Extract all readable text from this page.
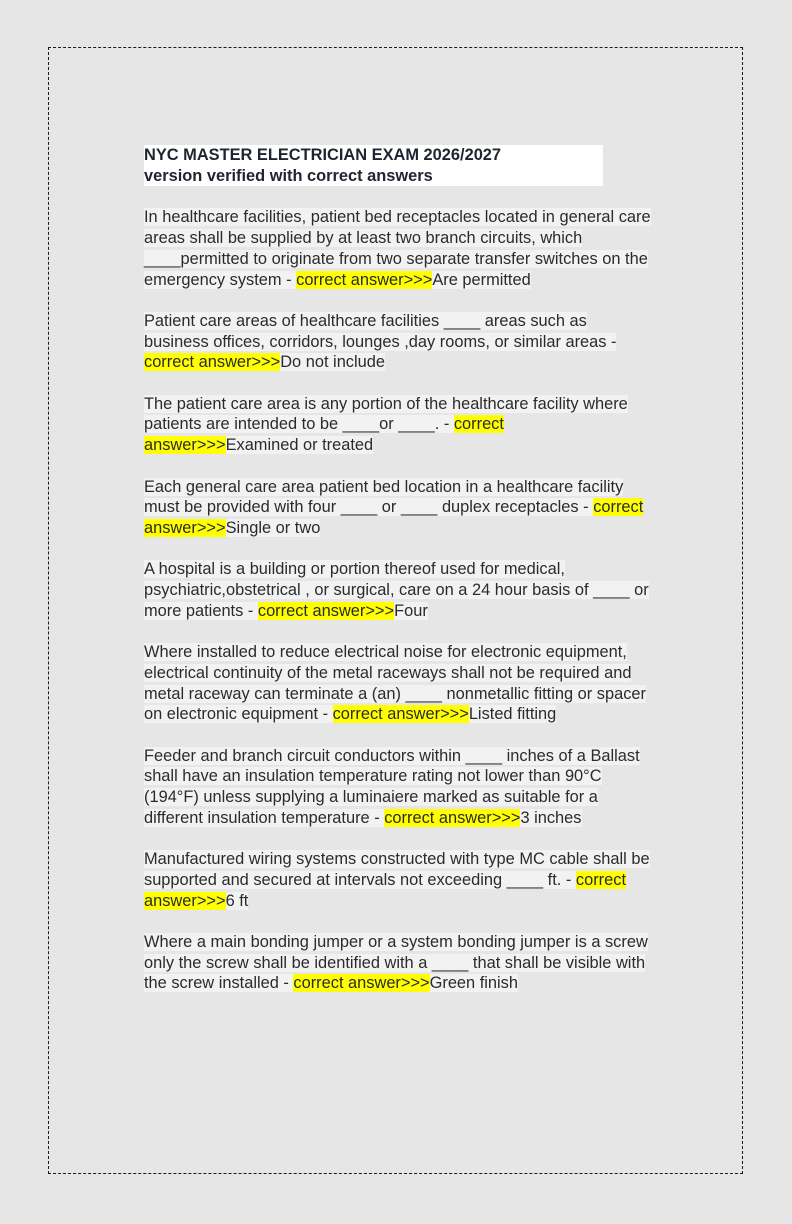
NYC MASTER ELECTRICIAN EXAM 2026/2027
version verified with correct answers
In healthcare facilities, patient bed receptacles located in general care areas shall be supplied by at least two branch circuits, which ____permitted to originate from two separate transfer switches on the emergency system - correct answer>>>Are permitted
Patient care areas of healthcare facilities ____ areas such as business offices, corridors, lounges ,day rooms, or similar areas - correct answer>>>Do not include
The patient care area is any portion of the healthcare facility where patients are intended to be ____or ____. - correct answer>>>Examined or treated
Each general care area patient bed location in a healthcare facility must be provided with four ____ or ____ duplex receptacles - correct answer>>>Single or two
A hospital is a building or portion thereof used for medical, psychiatric,obstetrical , or surgical, care on a 24 hour basis of ____ or more patients - correct answer>>>Four
Where installed to reduce electrical noise for electronic equipment, electrical continuity of the metal raceways shall not be required and metal raceway can terminate a (an) ____ nonmetallic fitting or spacer on electronic equipment - correct answer>>>Listed fitting
Feeder and branch circuit conductors within ____ inches of a Ballast shall have an insulation temperature rating not lower than 90°C (194°F) unless supplying a luminaiere marked as suitable for a different insulation temperature - correct answer>>>3 inches
Manufactured wiring systems constructed with type MC cable shall be supported and secured at intervals not exceeding ____ ft. - correct answer>>>6 ft
Where a main bonding jumper or a system bonding jumper is a screw only the screw shall be identified with a ____ that shall be visible with the screw installed - correct answer>>>Green finish
